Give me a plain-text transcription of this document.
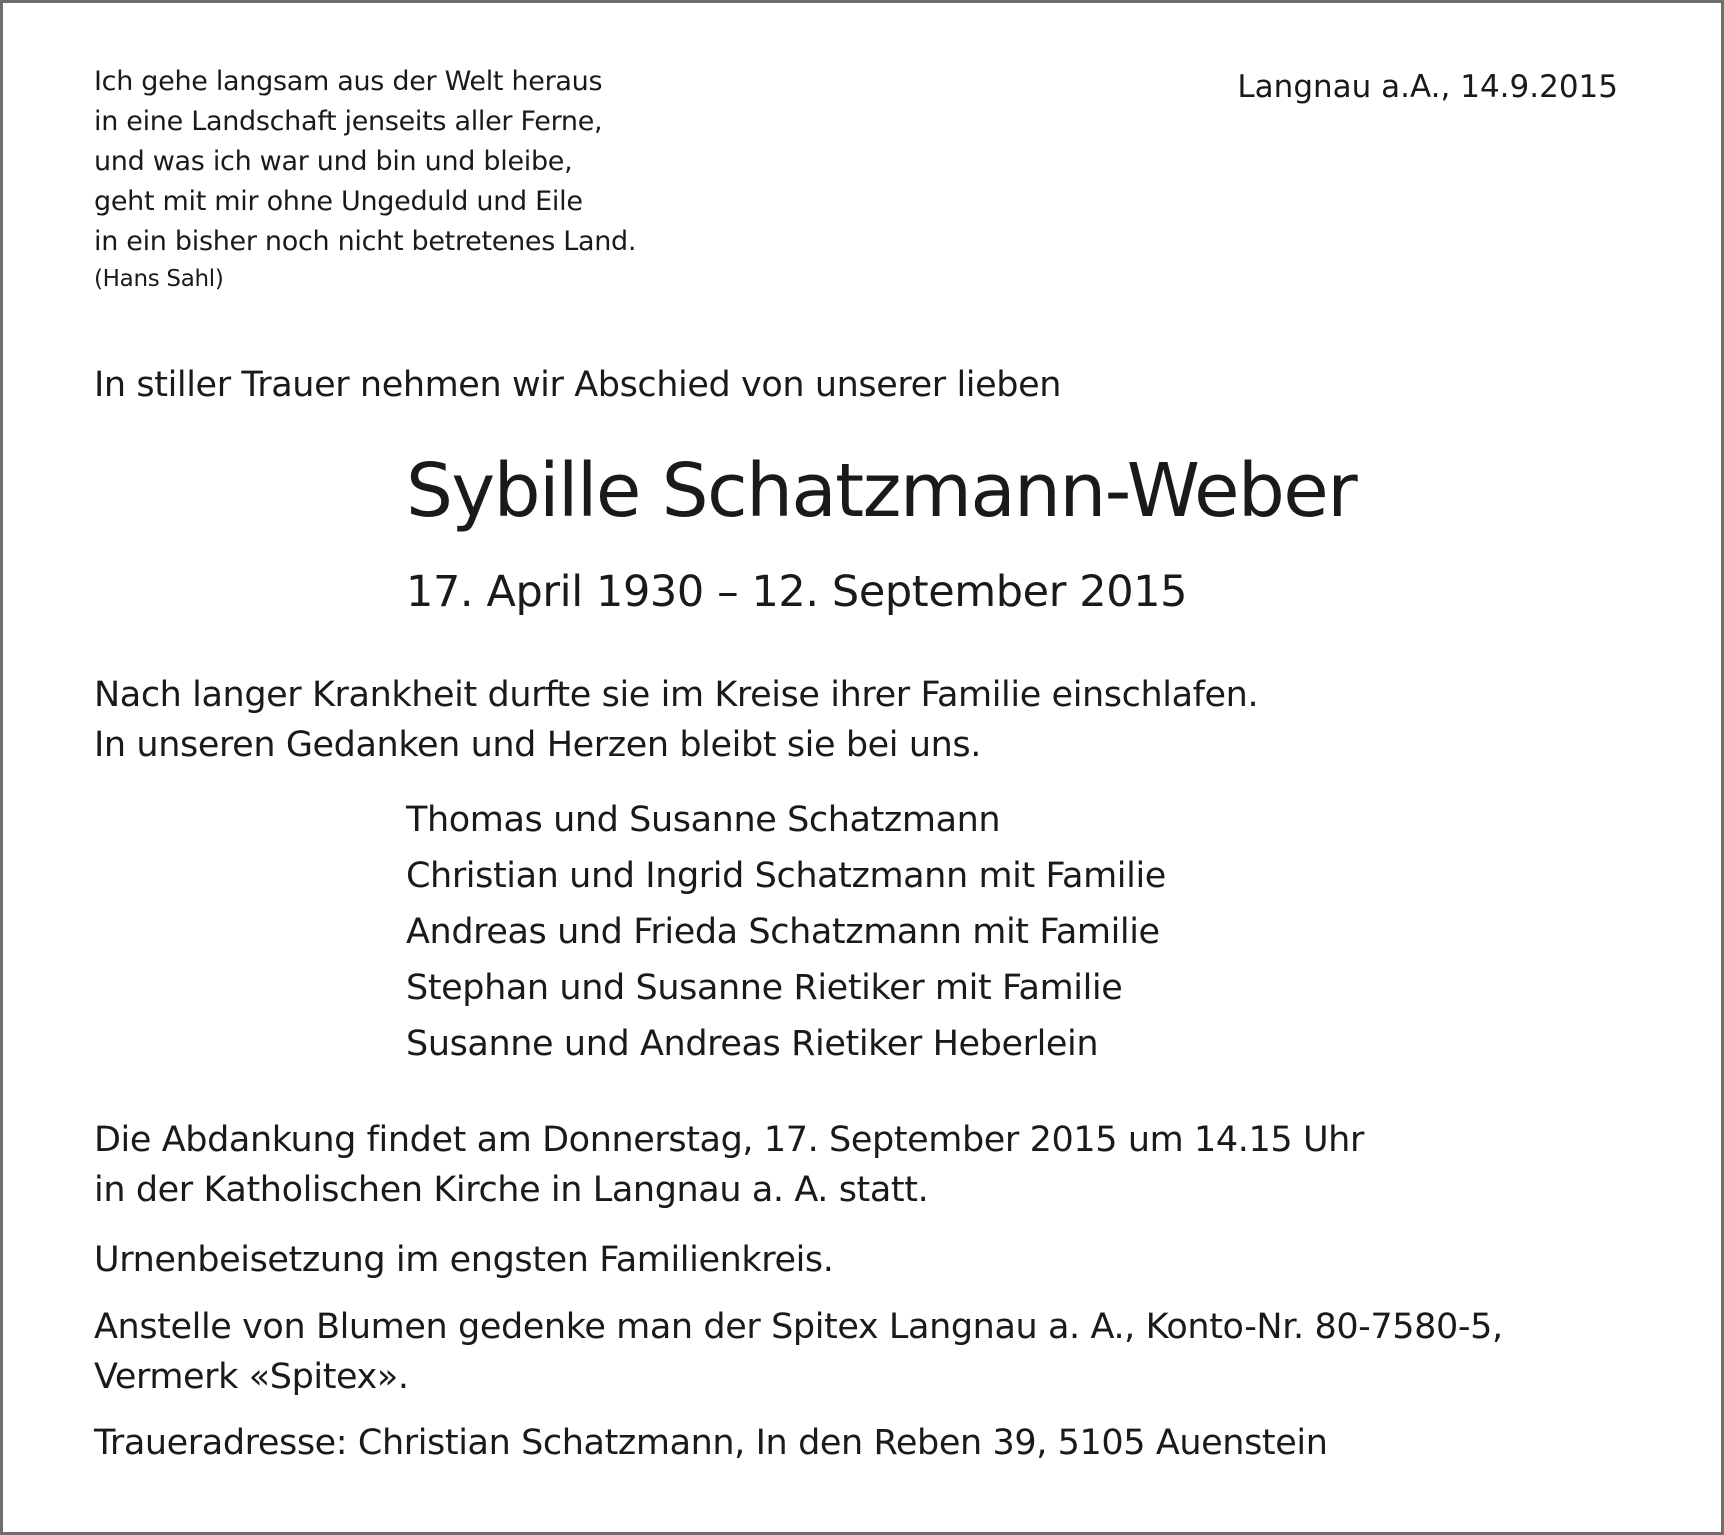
Ich gehe langsam aus der Welt heraus
in eine Landschaft jenseits aller Ferne,
und was ich war und bin und bleibe,
geht mit mir ohne Ungeduld und Eile
in ein bisher noch nicht betretenes Land.
(Hans Sahl)
Langnau a.A., 14.9.2015
In stiller Trauer nehmen wir Abschied von unserer lieben
Sybille Schatzmann-Weber
17. April 1930 – 12. September 2015
Nach langer Krankheit durfte sie im Kreise ihrer Familie einschlafen.
In unseren Gedanken und Herzen bleibt sie bei uns.
Thomas und Susanne Schatzmann
Christian und Ingrid Schatzmann mit Familie
Andreas und Frieda Schatzmann mit Familie
Stephan und Susanne Rietiker mit Familie
Susanne und Andreas Rietiker Heberlein
Die Abdankung findet am Donnerstag, 17. September 2015 um 14.15 Uhr
in der Katholischen Kirche in Langnau a. A. statt.
Urnenbeisetzung im engsten Familienkreis.
Anstelle von Blumen gedenke man der Spitex Langnau a. A., Konto-Nr. 80-7580-5,
Vermerk «Spitex».
Traueradresse: Christian Schatzmann, In den Reben 39, 5105 Auenstein
